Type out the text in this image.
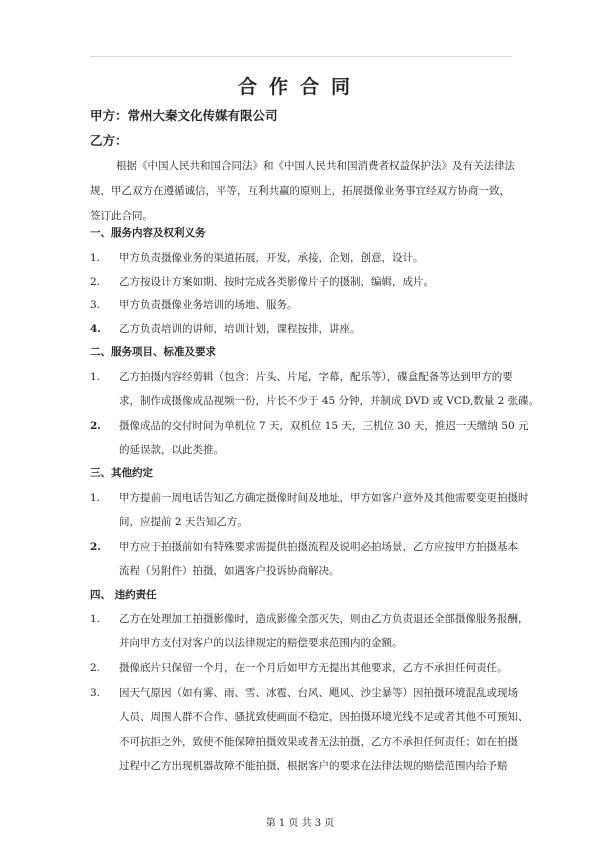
合作合同
甲方：常州大秦文化传媒有限公司
乙方：
根据《中国人民共和国合同法》和《中国人民共和国消费者权益保护法》及有关法律法
规，甲乙双方在遵循诚信，平等，互利共赢的原则上，拓展摄像业务事宜经双方协商一致，
签订此合同。
一、服务内容及权利义务
1. 甲方负责摄像业务的渠道拓展，开发，承接，企划，创意，设计。
2. 乙方按设计方案如期、按时完成各类影像片子的摄制，编辑，成片。
3. 甲方负责摄像业务培训的场地、服务。
4. 乙方负责培训的讲师，培训计划，课程按排，讲座。
二、服务项目、标准及要求
1. 乙方拍摄内容经剪辑（包含：片头、片尾，字幕，配乐等），碟盒配备等达到甲方的要
求，制作成摄像成品视频一份，片长不少于 45 分钟，并制成 DVD 或 VCD,数量 2 张碟。
2. 摄像成品的交付时间为单机位 7 天，双机位 15 天，三机位 30 天，推迟一天缴纳 50 元
的延误款，以此类推。
三、其他约定
1. 甲方提前一周电话告知乙方确定摄像时间及地址，甲方如客户意外及其他需要变更拍摄时
间，应提前 2 天告知乙方。
2. 甲方应于拍摄前如有特殊要求需提供拍摄流程及说明必拍场景，乙方应按甲方拍摄基本
流程（另附件）拍摄，如遇客户投诉协商解决。
四、 违约责任
1. 乙方在处理加工拍摄影像时，造成影像全部灭失，则由乙方负责退还全部摄像服务报酬，
并向甲方支付对客户的以法律规定的赔偿要求范围内的金额。
2. 摄像底片只保留一个月，在一个月后如甲方无提出其他要求，乙方不承担任何责任。
3. 因天气原因（如有雾、雨、雪、冰雹、台风、飓风、沙尘暴等）因拍摄环境混乱或现场
人员、周围人群不合作、骚扰致使画面不稳定，因拍摄环境光线不足或者其他不可预知、
不可抗拒之外，致使不能保障拍摄效果或者无法拍摄，乙方不承担任何责任；如在拍摄
过程中乙方出现机器故障不能拍摄，根据客户的要求在法律法规的赔偿范围内给予赔
第 1 页 共 3 页
